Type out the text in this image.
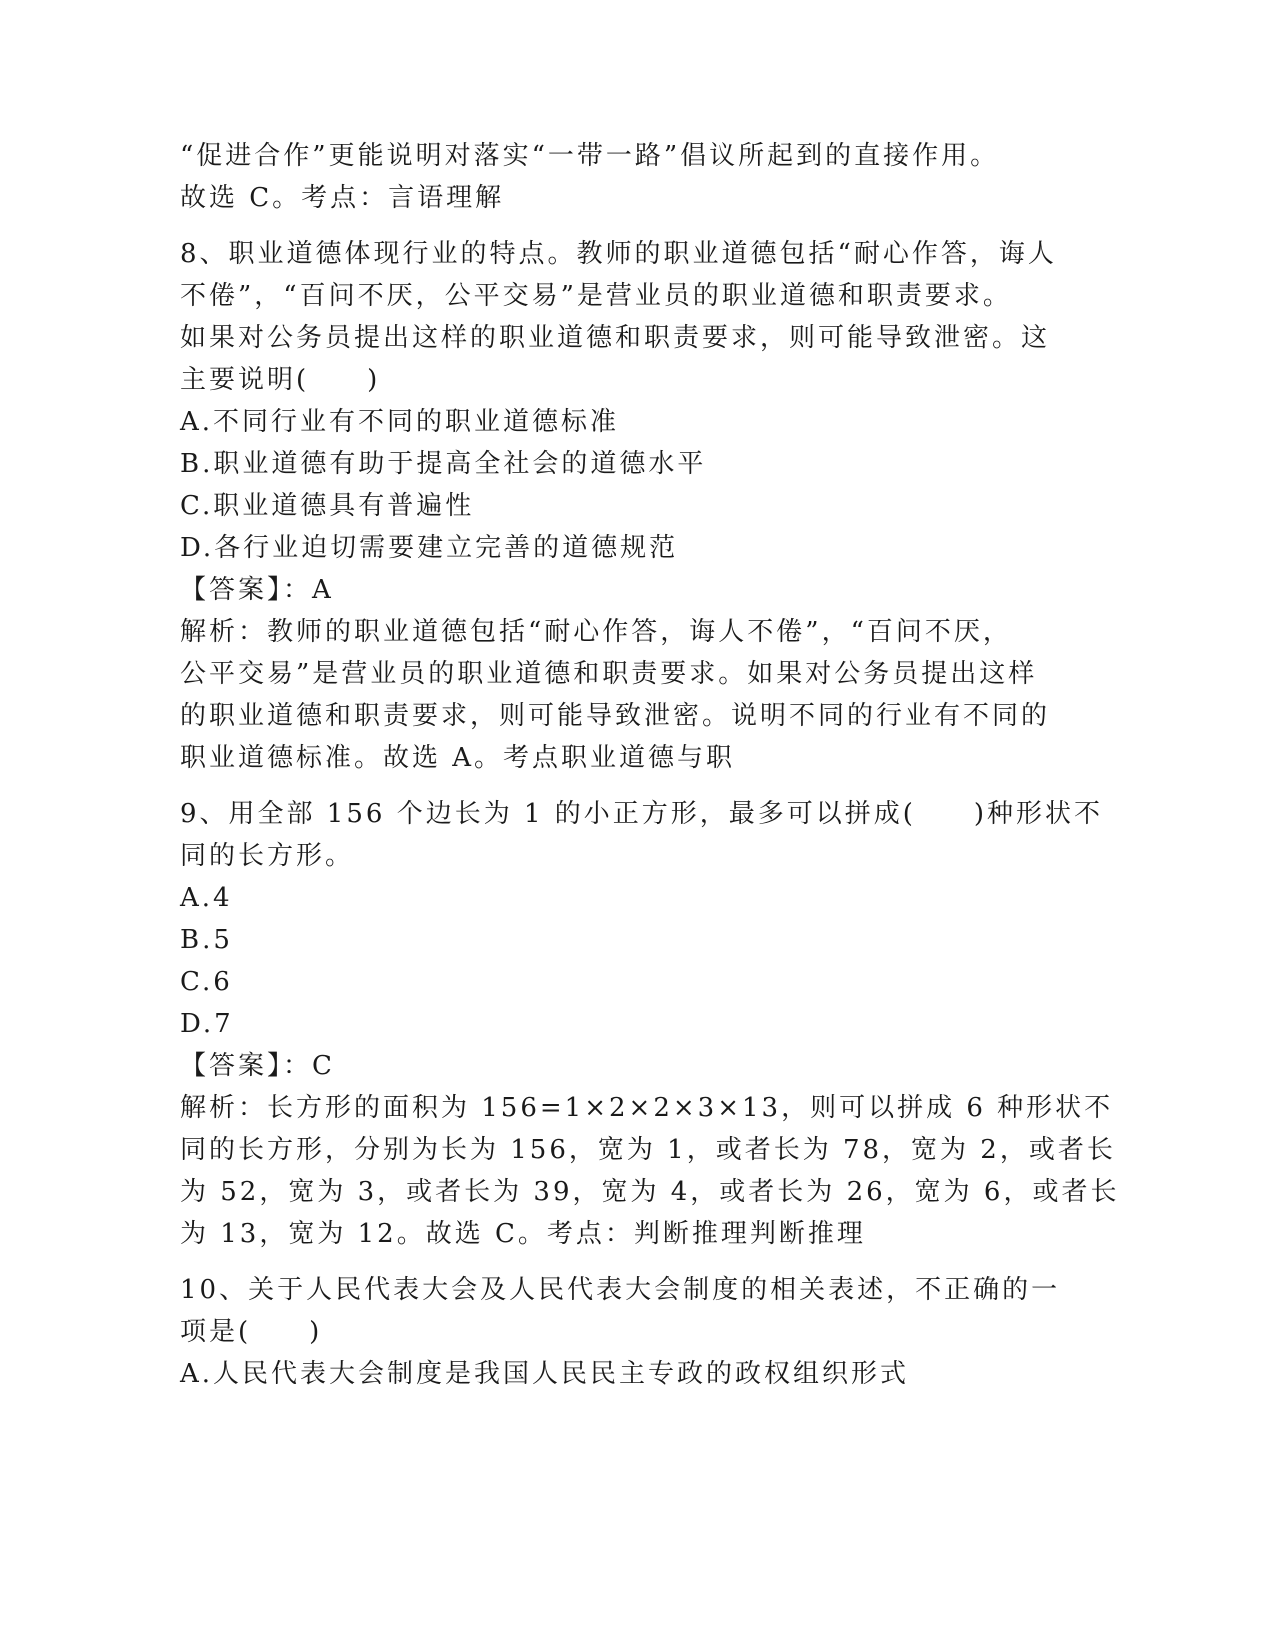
“促进合作”更能说明对落实“一带一路”倡议所起到的直接作用。
故选 C。考点：言语理解
8、职业道德体现行业的特点。教师的职业道德包括“耐心作答，诲人
不倦”，“百问不厌，公平交易”是营业员的职业道德和职责要求。
如果对公务员提出这样的职业道德和职责要求，则可能导致泄密。这
主要说明(　　)
A.不同行业有不同的职业道德标准
B.职业道德有助于提高全社会的道德水平
C.职业道德具有普遍性
D.各行业迫切需要建立完善的道德规范
【答案】：A
解析：教师的职业道德包括“耐心作答，诲人不倦”，“百问不厌，
公平交易”是营业员的职业道德和职责要求。如果对公务员提出这样
的职业道德和职责要求，则可能导致泄密。说明不同的行业有不同的
职业道德标准。故选 A。考点职业道德与职
9、用全部 156 个边长为 1 的小正方形，最多可以拼成(　　)种形状不
同的长方形。
A.4
B.5
C.6
D.7
【答案】：C
解析：长方形的面积为 156=1×2×2×3×13，则可以拼成 6 种形状不
同的长方形，分别为长为 156，宽为 1，或者长为 78，宽为 2，或者长
为 52，宽为 3，或者长为 39，宽为 4，或者长为 26，宽为 6，或者长
为 13，宽为 12。故选 C。考点：判断推理判断推理
10、关于人民代表大会及人民代表大会制度的相关表述，不正确的一
项是(　　)
A.人民代表大会制度是我国人民民主专政的政权组织形式
